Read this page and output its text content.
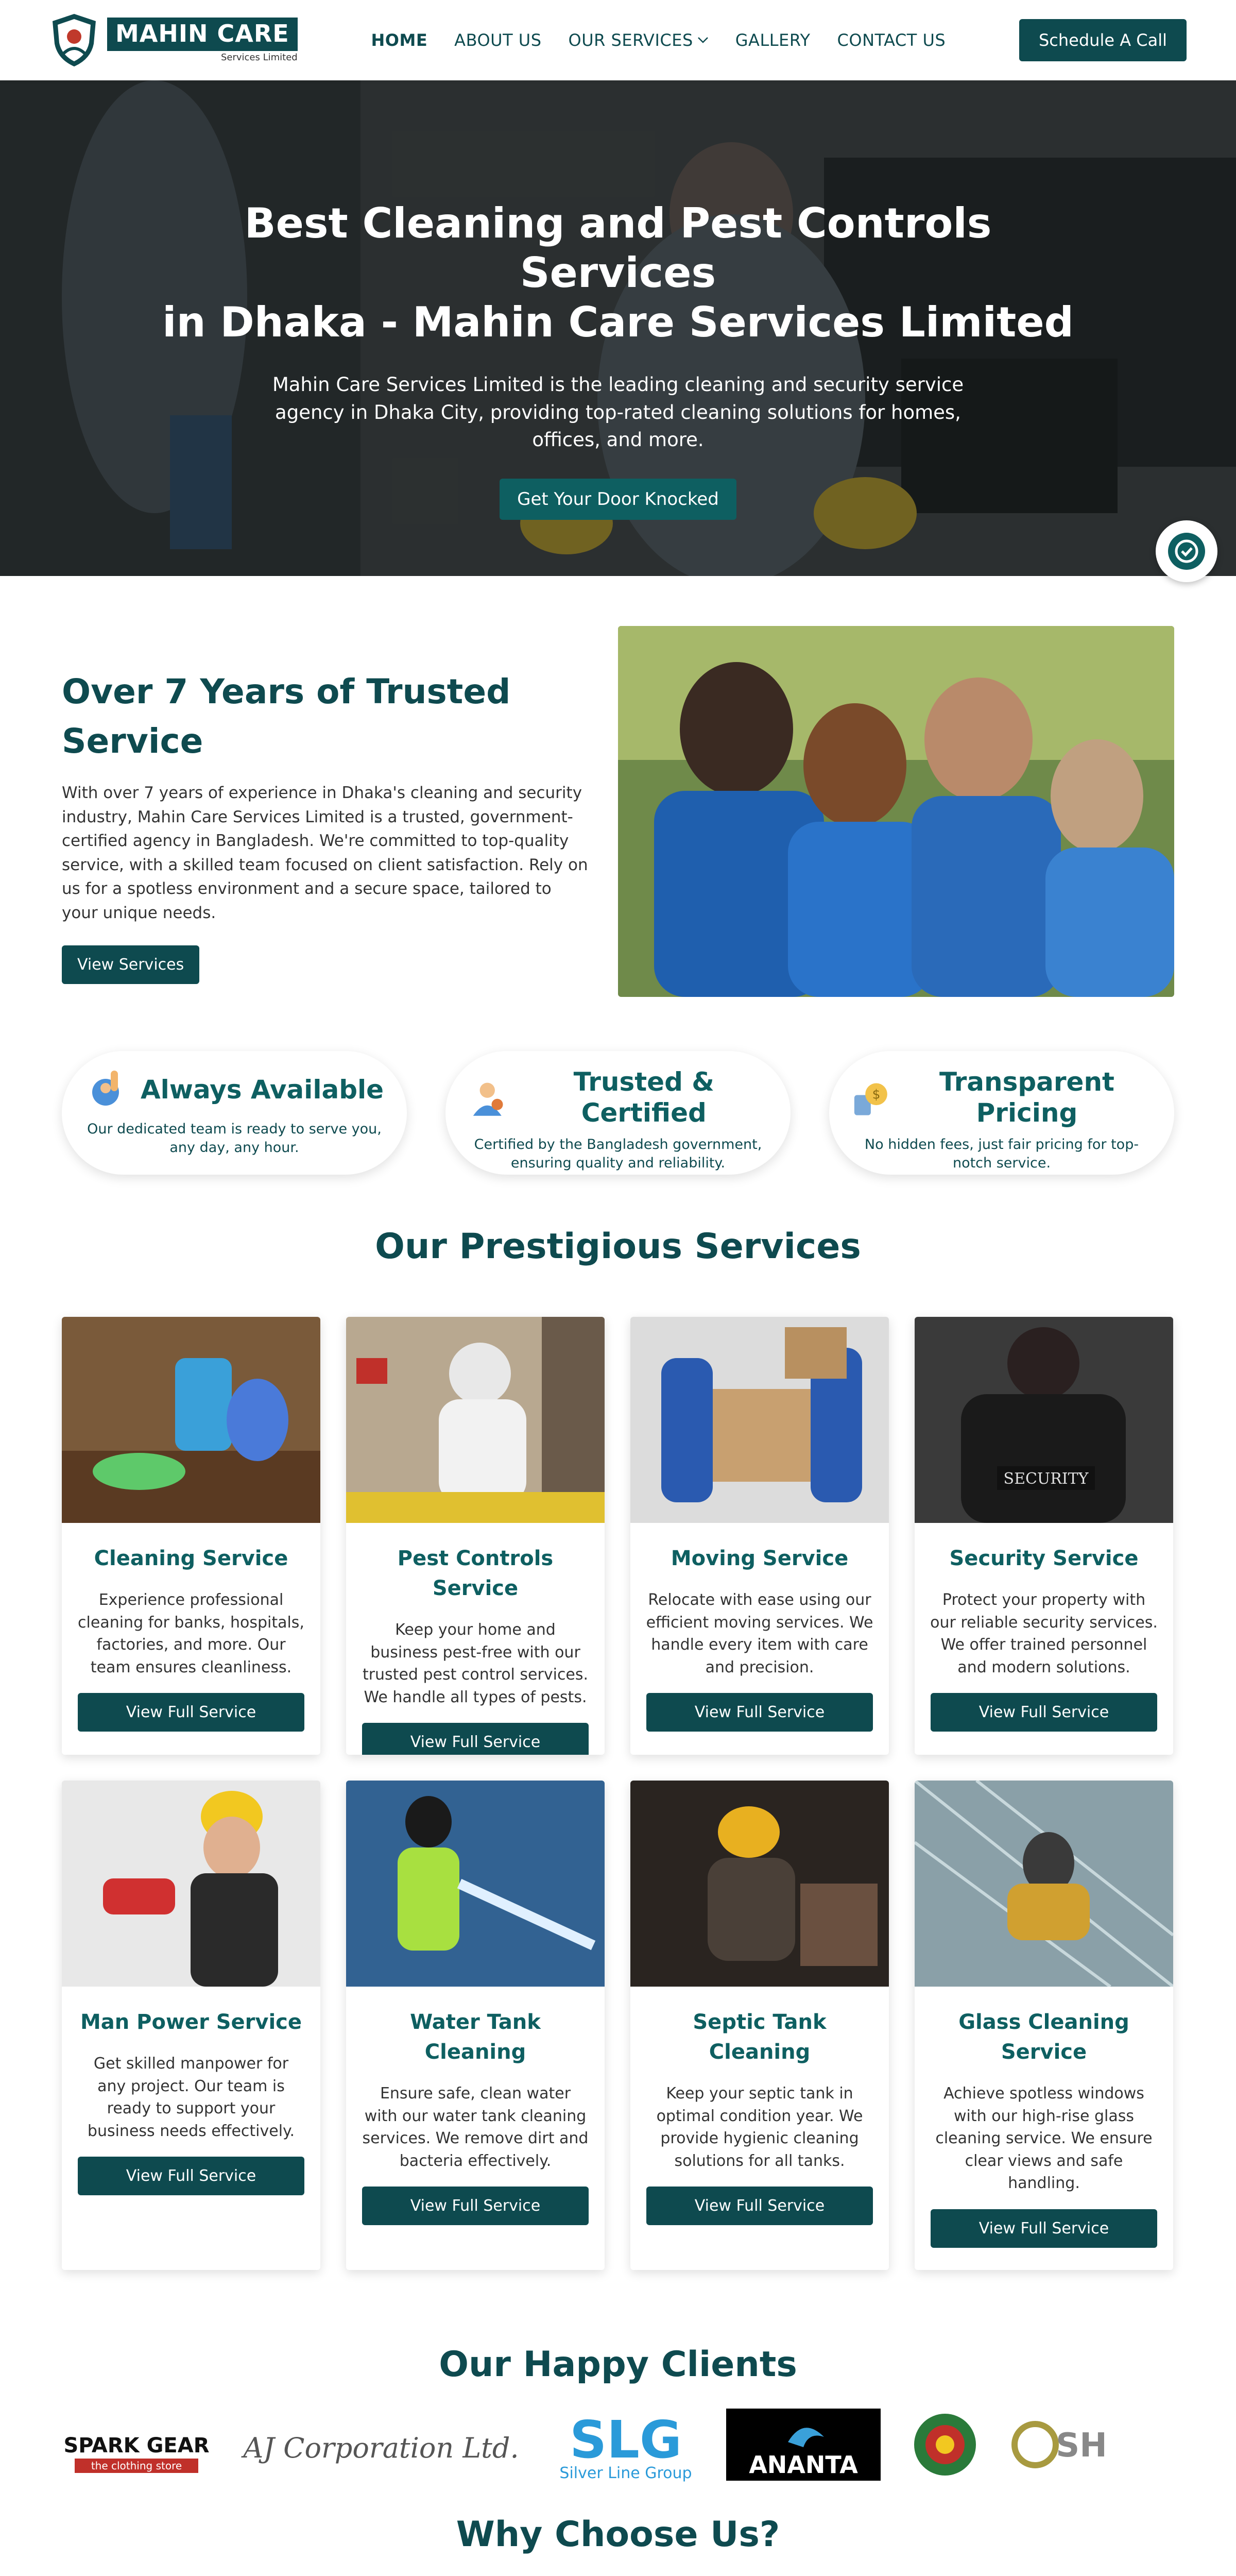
MAHIN CARE
Services Limited
HOME ABOUT US OUR SERVICES	GALLERY CONTACT US	Schedule A Call
Best Cleaning and Pest Controls Services
in Dhaka - Mahin Care Services Limited

Mahin Care Services Limited is the leading cleaning and security service agency in Dhaka City, providing top-rated cleaning solutions for homes, offices, and more.

Get Your Door Knocked
Over 7 Years of Trusted Service

With over 7 years of experience in Dhaka's cleaning and security industry, Mahin Care Services Limited is a trusted, government-certified agency in Bangladesh. We're committed to top-quality service, with a skilled team focused on client satisfaction. Rely on us for a spotless environment and a secure space, tailored to your unique needs.

View Services
Always Available
Our dedicated team is ready to serve you, any day, any hour.
Trusted & Certified
Certified by the Bangladesh government, ensuring quality and reliability.
$	Transparent Pricing
No hidden fees, just fair pricing for top-notch service.
Our Prestigious Services
Cleaning Service

Experience professional cleaning for banks, hospitals, factories, and more. Our team ensures cleanliness.

View Full Service
Pest Controls Service

Keep your home and business pest-free with our trusted pest control services. We handle all types of pests.

View Full Service
Moving Service

Relocate with ease using our efficient moving services. We handle every item with care and precision.

View Full Service
SECURITY
Security Service

Protect your property with our reliable security services. We offer trained personnel and modern solutions.

View Full Service
Man Power Service

Get skilled manpower for any project. Our team is ready to support your business needs effectively.

View Full Service
Water Tank Cleaning

Ensure safe, clean water with our water tank cleaning services. We remove dirt and bacteria effectively.

View Full Service
Septic Tank Cleaning

Keep your septic tank in optimal condition year. We provide hygienic cleaning solutions for all tanks.

View Full Service
Glass Cleaning Service

Achieve spotless windows with our high-rise glass cleaning service. We ensure clear views and safe handling.

View Full Service
Our Happy Clients
SPARK GEAR
the clothing store
AJ Corporation Ltd. SLG
Silver Line Group ANANTA	SH
Why Choose Us?
